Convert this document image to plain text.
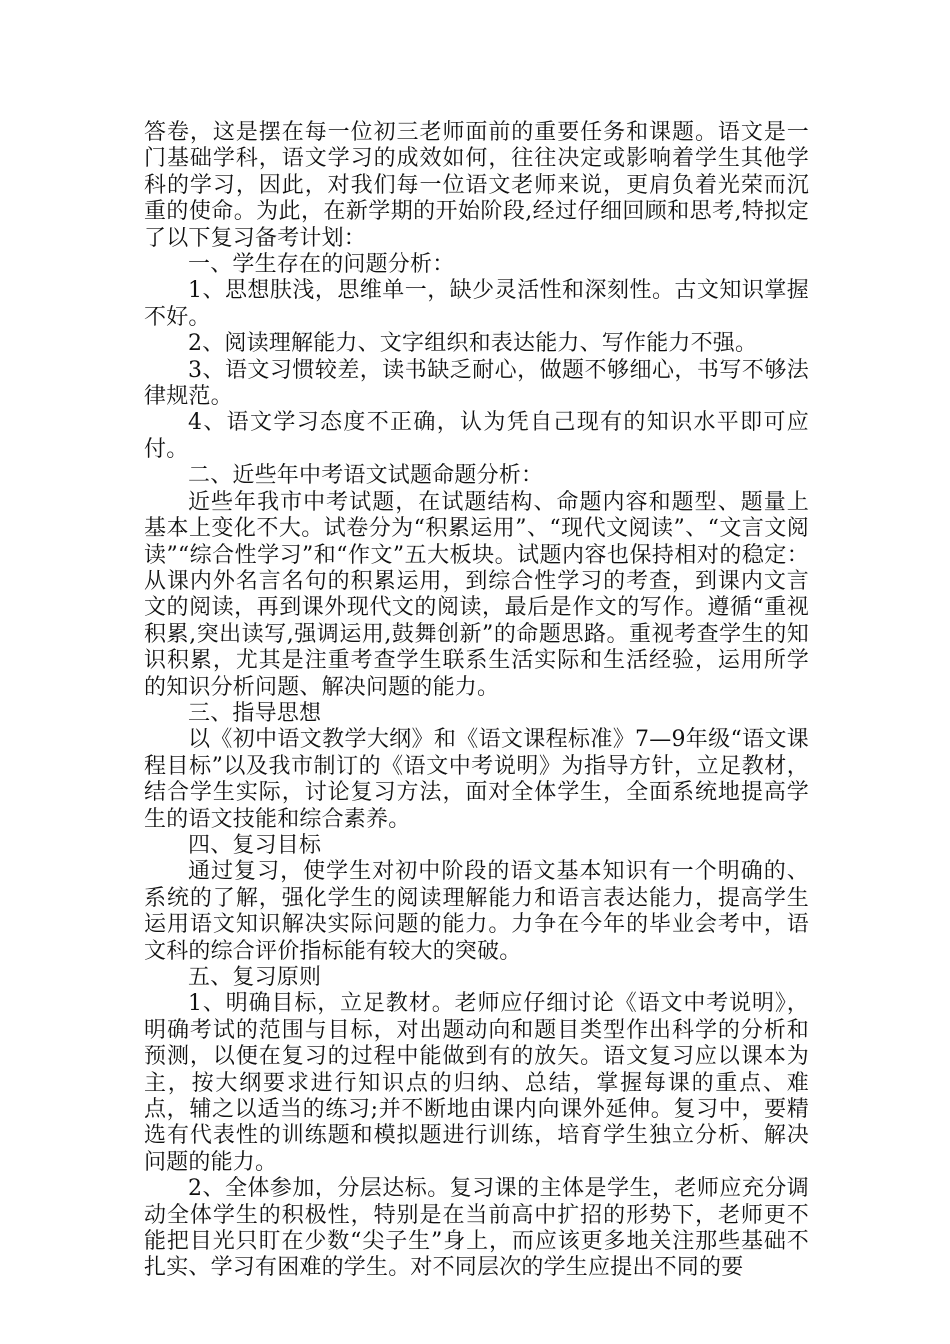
答卷，这是摆在每一位初三老师面前的重要任务和课题。语文是一门基础学科，语文学习的成效如何，往往决定或影响着学生其他学科的学习，因此，对我们每一位语文老师来说，更肩负着光荣而沉重的使命。为此，在新学期的开始阶段,经过仔细回顾和思考,特拟定了以下复习备考计划：

一、学生存在的问题分析：

1、思想肤浅，思维单一，缺少灵活性和深刻性。古文知识掌握不好。

2、阅读理解能力、文字组织和表达能力、写作能力不强。

3、语文习惯较差，读书缺乏耐心，做题不够细心，书写不够法律规范。

4、语文学习态度不正确，认为凭自己现有的知识水平即可应付。

二、近些年中考语文试题命题分析：

近些年我市中考试题，在试题结构、命题内容和题型、题量上基本上变化不大。试卷分为“积累运用”、“现代文阅读”、“文言文阅读”“综合性学习”和“作文”五大板块。试题内容也保持相对的稳定：从课内外名言名句的积累运用，到综合性学习的考查，到课内文言文的阅读，再到课外现代文的阅读，最后是作文的写作。遵循“重视积累,突出读写,强调运用,鼓舞创新”的命题思路。重视考查学生的知识积累，尤其是注重考查学生联系生活实际和生活经验，运用所学的知识分析问题、解决问题的能力。

三、指导思想

以《初中语文教学大纲》和《语文课程标准》7—9年级“语文课程目标”以及我市制订的《语文中考说明》为指导方针，立足教材，结合学生实际，讨论复习方法，面对全体学生，全面系统地提高学生的语文技能和综合素养。

四、复习目标

通过复习，使学生对初中阶段的语文基本知识有一个明确的、系统的了解，强化学生的阅读理解能力和语言表达能力，提高学生运用语文知识解决实际问题的能力。力争在今年的毕业会考中，语文科的综合评价指标能有较大的突破。

五、复习原则

1、明确目标，立足教材。老师应仔细讨论《语文中考说明》，明确考试的范围与目标，对出题动向和题目类型作出科学的分析和预测，以便在复习的过程中能做到有的放矢。语文复习应以课本为主，按大纲要求进行知识点的归纳、总结，掌握每课的重点、难点，辅之以适当的练习;并不断地由课内向课外延伸。复习中，要精选有代表性的训练题和模拟题进行训练，培育学生独立分析、解决问题的能力。

2、全体参加，分层达标。复习课的主体是学生，老师应充分调动全体学生的积极性，特别是在当前高中扩招的形势下，老师更不能把目光只盯在少数“尖子生”身上，而应该更多地关注那些基础不扎实、学习有困难的学生。对不同层次的学生应提出不同的要
